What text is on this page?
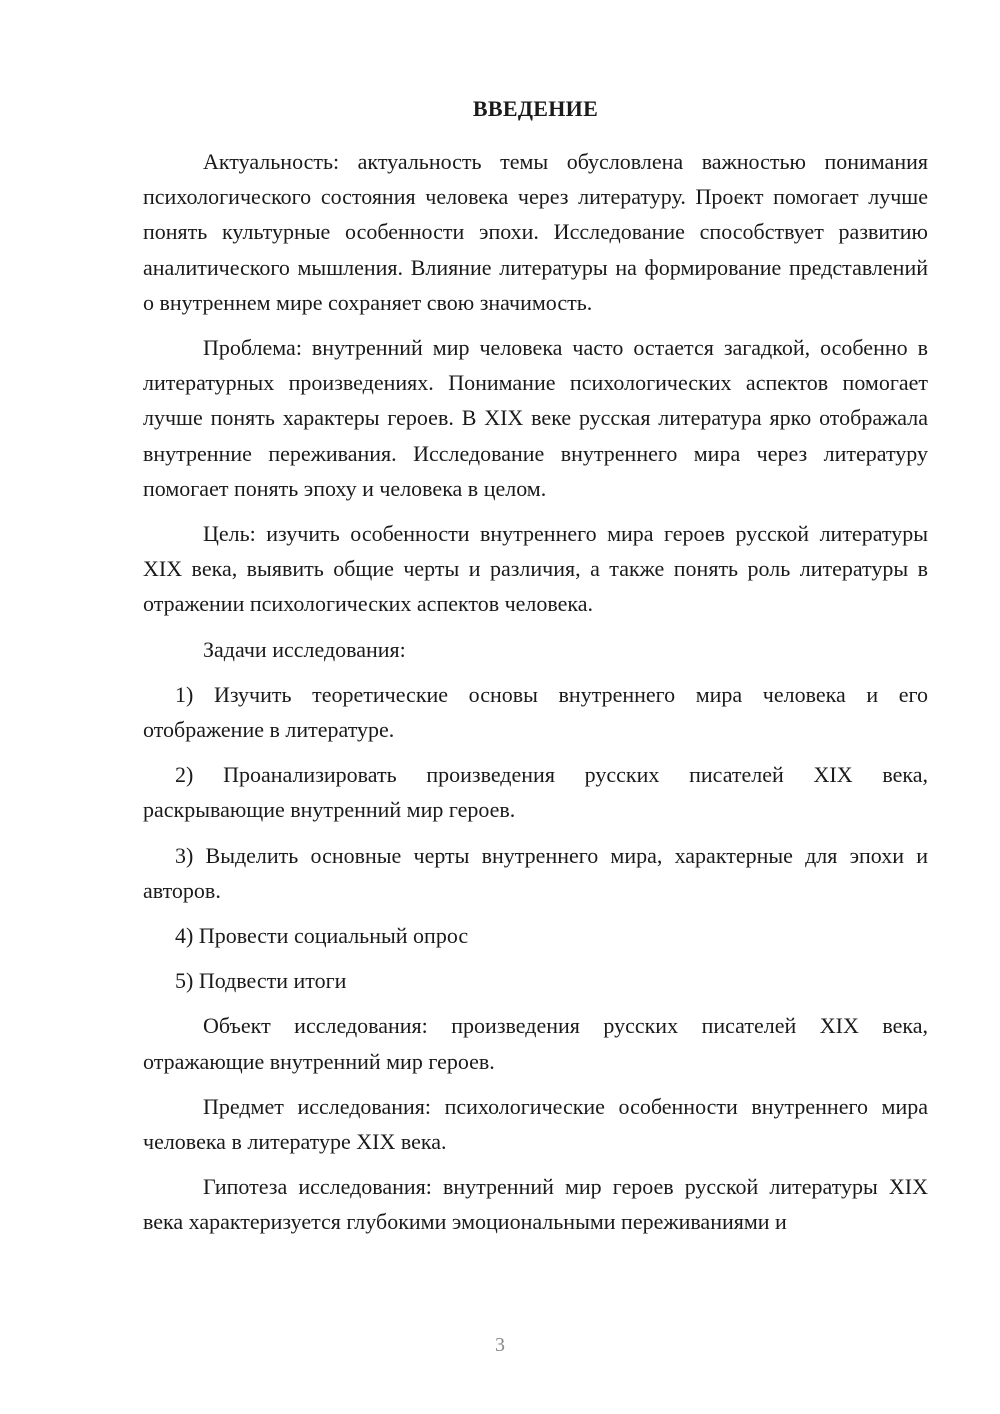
ВВЕДЕНИЕ

Актуальность: актуальность темы обусловлена важностью понимания психологического состояния человека через литературу. Проект помогает лучше понять культурные особенности эпохи. Исследование способствует развитию аналитического мышления. Влияние литературы на формирование представлений о внутреннем мире сохраняет свою значимость.

Проблема: внутренний мир человека часто остается загадкой, особенно в литературных произведениях. Понимание психологических аспектов помогает лучше понять характеры героев. В XIX веке русская литература ярко отображала внутренние переживания. Исследование внутреннего мира через литературу помогает понять эпоху и человека в целом.

Цель: изучить особенности внутреннего мира героев русской литературы XIX века, выявить общие черты и различия, а также понять роль литературы в отражении психологических аспектов человека.

Задачи исследования:

1) Изучить теоретические основы внутреннего мира человека и его отображение в литературе.

2) Проанализировать произведения русских писателей XIX века, раскрывающие внутренний мир героев.

3) Выделить основные черты внутреннего мира, характерные для эпохи и авторов.

4) Провести социальный опрос

5) Подвести итоги

Объект исследования: произведения русских писателей XIX века, отражающие внутренний мир героев.

Предмет исследования: психологические особенности внутреннего мира человека в литературе XIX века.

Гипотеза исследования: внутренний мир героев русской литературы XIX века характеризуется глубокими эмоциональными переживаниями и

3
